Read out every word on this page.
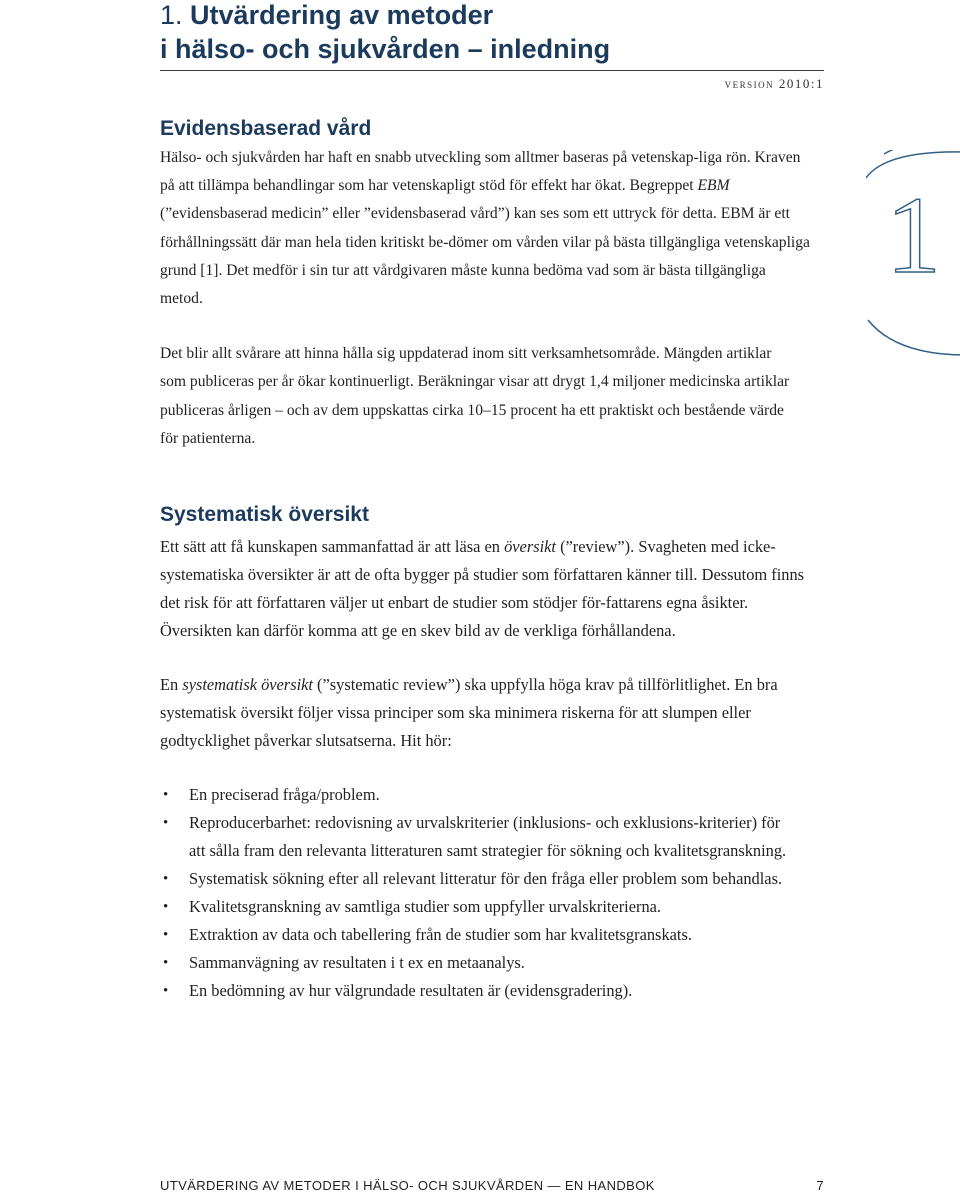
1. Utvärdering av metoder
i hälso- och sjukvården – inledning
version 2010:1
1
Evidensbaserad vård

Hälso- och sjukvården har haft en snabb utveckling som alltmer baseras på vetenskap-liga rön. Kraven på att tillämpa behandlingar som har vetenskapligt stöd för effekt har ökat. Begreppet EBM (”evidensbaserad medicin” eller ”evidensbaserad vård”) kan ses som ett uttryck för detta. EBM är ett förhållningssätt där man hela tiden kritiskt be-dömer om vården vilar på bästa tillgängliga vetenskapliga grund [1]. Det medför i sin tur att vårdgivaren måste kunna bedöma vad som är bästa tillgängliga metod.

Det blir allt svårare att hinna hålla sig uppdaterad inom sitt verksamhetsområde. Mängden artiklar som publiceras per år ökar kontinuerligt. Beräkningar visar att drygt 1,4 miljoner medicinska artiklar publiceras årligen – och av dem uppskattas cirka 10–15 procent ha ett praktiskt och bestående värde för patienterna.

Systematisk översikt

Ett sätt att få kunskapen sammanfattad är att läsa en översikt (”review”). Svagheten med icke-systematiska översikter är att de ofta bygger på studier som författaren känner till. Dessutom finns det risk för att författaren väljer ut enbart de studier som stödjer för-fattarens egna åsikter. Översikten kan därför komma att ge en skev bild av de verkliga förhållandena.

En systematisk översikt (”systematic review”) ska uppfylla höga krav på tillförlitlighet. En bra systematisk översikt följer vissa principer som ska minimera riskerna för att slumpen eller godtycklighet påverkar slutsatserna. Hit hör:

• En preciserad fråga/problem.
• Reproducerbarhet: redovisning av urvalskriterier (inklusions- och exklusions-kriterier) för att sålla fram den relevanta litteraturen samt strategier för sökning och kvalitetsgranskning.
• Systematisk sökning efter all relevant litteratur för den fråga eller problem som behandlas.
• Kvalitetsgranskning av samtliga studier som uppfyller urvalskriterierna.
• Extraktion av data och tabellering från de studier som har kvalitetsgranskats.
• Sammanvägning av resultaten i t ex en metaanalys.
• En bedömning av hur välgrundade resultaten är (evidensgradering).
UTVÄRDERING AV METODER I HÄLSO- OCH SJUKVÅRDEN — EN HANDBOK	7
